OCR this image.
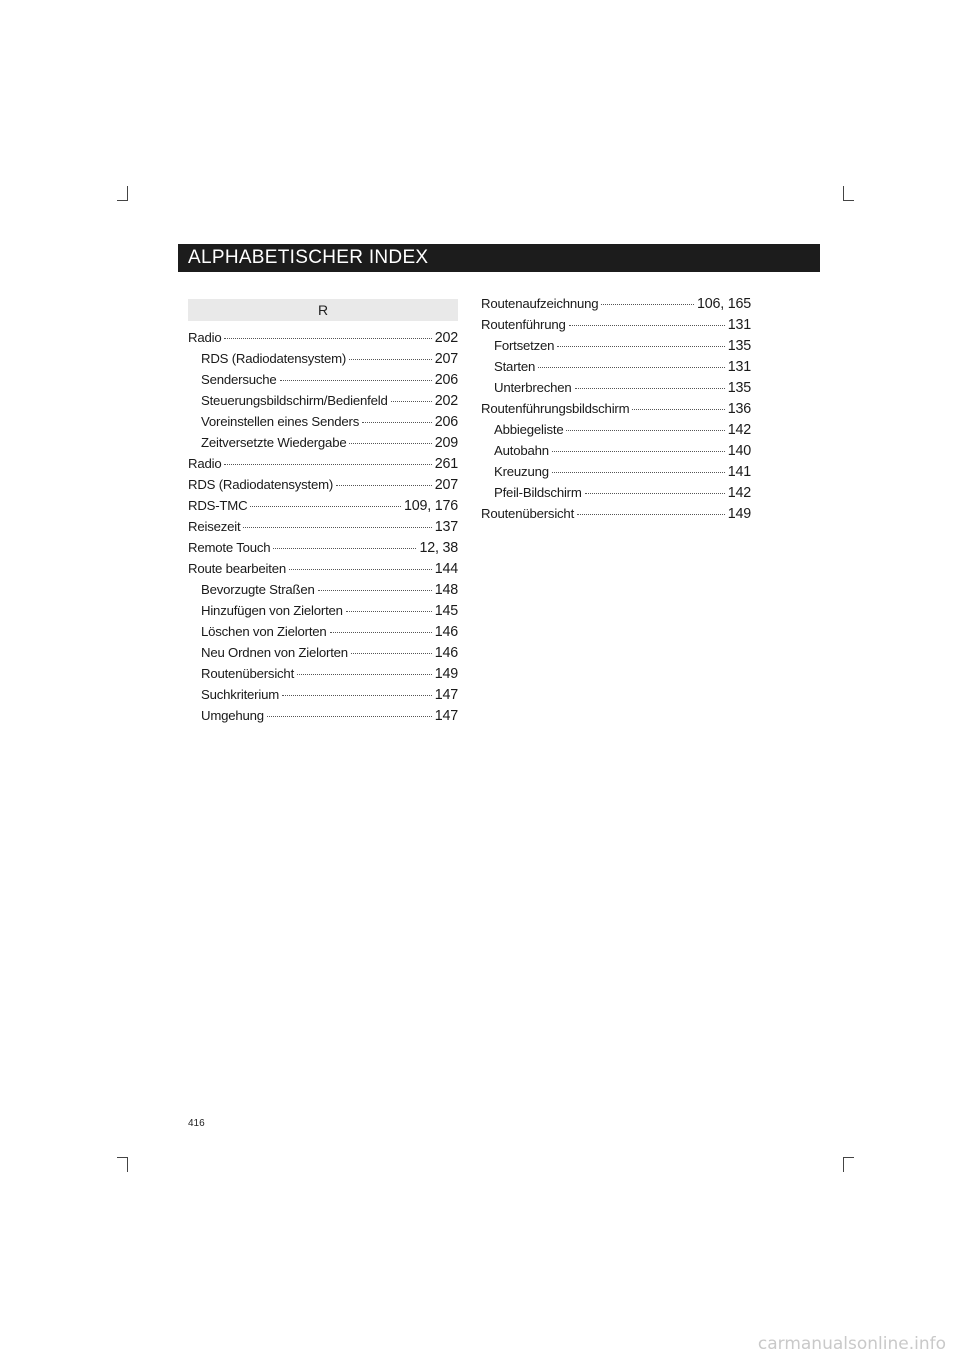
ALPHABETISCHER INDEX
R
Radio	202
RDS (Radiodatensystem)	207
Sendersuche	206
Steuerungsbildschirm/Bedienfeld	202
Voreinstellen eines Senders	206
Zeitversetzte Wiedergabe	209
Radio	261
RDS (Radiodatensystem)	207
RDS-TMC	109, 176
Reisezeit	137
Remote Touch	12, 38
Route bearbeiten	144
Bevorzugte Straßen	148
Hinzufügen von Zielorten	145
Löschen von Zielorten	146
Neu Ordnen von Zielorten	146
Routenübersicht	149
Suchkriterium	147
Umgehung	147
Routenaufzeichnung	106, 165
Routenführung	131
Fortsetzen	135
Starten	131
Unterbrechen	135
Routenführungsbildschirm	136
Abbiegeliste	142
Autobahn	140
Kreuzung	141
Pfeil-Bildschirm	142
Routenübersicht	149
416
carmanualsonline.info
